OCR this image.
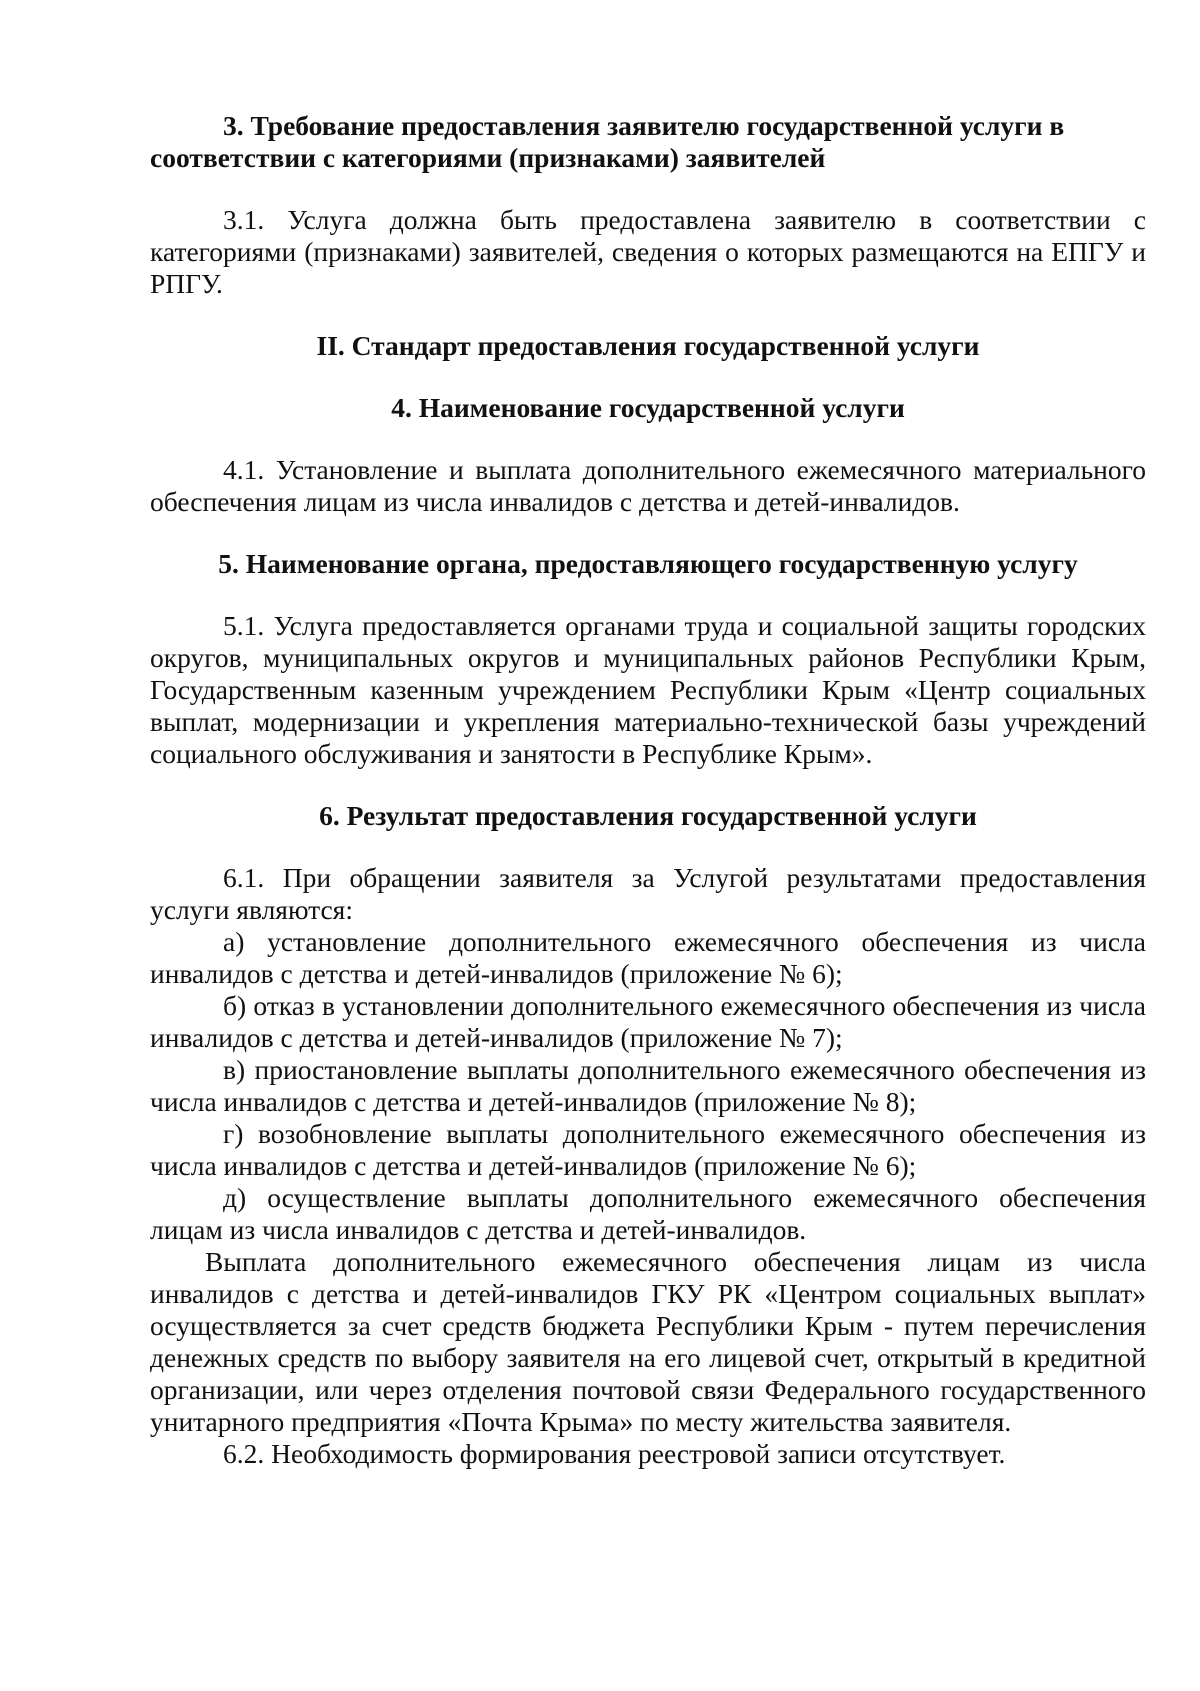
3. Требование предоставления заявителю государственной услуги в соответствии с категориями (признаками) заявителей

3.1. Услуга должна быть предоставлена заявителю в соответствии с категориями (признаками) заявителей, сведения о которых размещаются на ЕПГУ и РПГУ.

II. Стандарт предоставления государственной услуги

4. Наименование государственной услуги

4.1. Установление и выплата дополнительного ежемесячного материального обеспечения лицам из числа инвалидов с детства и детей-инвалидов.

5. Наименование органа, предоставляющего государственную услугу

5.1. Услуга предоставляется органами труда и социальной защиты городских округов, муниципальных округов и муниципальных районов Республики Крым, Государственным казенным учреждением Республики Крым «Центр социальных выплат, модернизации и укрепления материально-технической базы учреждений социального обслуживания и занятости в Республике Крым».

6. Результат предоставления государственной услуги

6.1. При обращении заявителя за Услугой результатами предоставления услуги являются:

а) установление дополнительного ежемесячного обеспечения из числа инвалидов с детства и детей-инвалидов (приложение № 6);

б) отказ в установлении дополнительного ежемесячного обеспечения из числа инвалидов с детства и детей-инвалидов (приложение № 7);

в) приостановление выплаты дополнительного ежемесячного обеспечения из числа инвалидов с детства и детей-инвалидов (приложение № 8);

г) возобновление выплаты дополнительного ежемесячного обеспечения из числа инвалидов с детства и детей-инвалидов (приложение № 6);

д) осуществление выплаты дополнительного ежемесячного обеспечения лицам из числа инвалидов с детства и детей-инвалидов.

Выплата дополнительного ежемесячного обеспечения лицам из числа инвалидов с детства и детей-инвалидов ГКУ РК «Центром социальных выплат» осуществляется за счет средств бюджета Республики Крым - путем перечисления денежных средств по выбору заявителя на его лицевой счет, открытый в кредитной организации, или через отделения почтовой связи Федерального государственного унитарного предприятия «Почта Крыма» по месту жительства заявителя.

6.2. Необходимость формирования реестровой записи отсутствует.
